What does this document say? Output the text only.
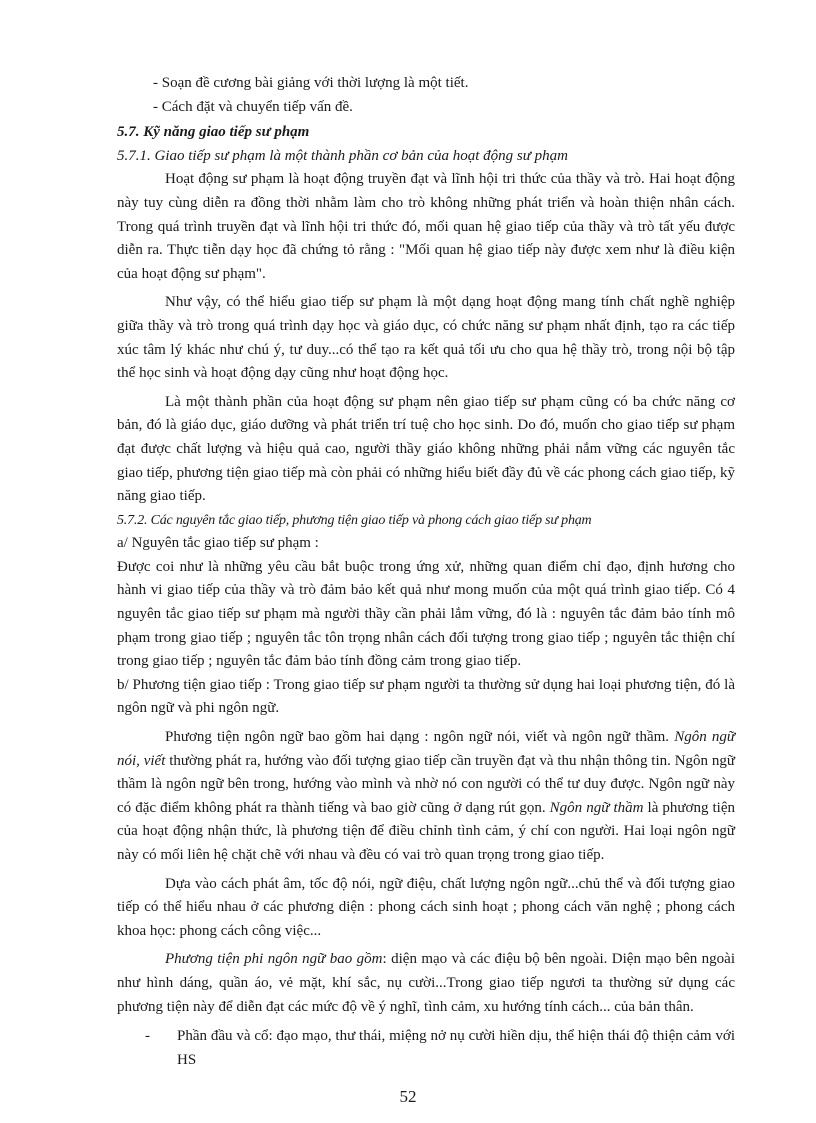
- Soạn đề cương bài giảng với thời lượng là một tiết.

- Cách đặt và chuyển tiếp vấn đề.

5.7. Kỹ năng giao tiếp sư phạm

5.7.1. Giao tiếp sư phạm là một thành phần cơ bản của hoạt động sư phạm

Hoạt động sư phạm là hoạt động truyền đạt và lĩnh hội tri thức của thầy và trò. Hai hoạt động này tuy cùng diễn ra đồng thời nhằm làm cho trò không những phát triển và hoàn thiện nhân cách. Trong quá trình truyền đạt và lĩnh hội tri thức đó, mối quan hệ giao tiếp của thầy và trò tất yếu được diễn ra. Thực tiễn dạy học đã chứng tỏ rằng : "Mối quan hệ giao tiếp này được xem như là điều kiện của hoạt động sư phạm".

Như vậy, có thể hiểu giao tiếp sư phạm là một dạng hoạt động mang tính chất nghề nghiệp giữa thầy và trò trong quá trình dạy học và giáo dục, có chức năng sư phạm nhất định, tạo ra các tiếp xúc tâm lý khác như chú ý, tư duy...có thể tạo ra kết quả tối ưu cho qua hệ thầy trò, trong nội bộ tập thể học sinh và hoạt động dạy cũng như hoạt động học.

Là một thành phần của hoạt động sư phạm nên giao tiếp sư phạm cũng có ba chức năng cơ bản, đó là giáo dục, giáo dưỡng và phát triển trí tuệ cho học sinh. Do đó, muốn cho giao tiếp sư phạm đạt được chất lượng và hiệu quả cao, người thầy giáo không những phải nắm vững các nguyên tắc giao tiếp, phương tiện giao tiếp mà còn phải có những hiểu biết đầy đủ về các phong cách giao tiếp, kỹ năng giao tiếp.

5.7.2. Các nguyên tắc giao tiếp, phương tiện giao tiếp và phong cách giao tiếp sư phạm

a/ Nguyên tắc giao tiếp sư phạm :

Được coi như là những yêu cầu bắt buộc trong ứng xử, những quan điểm chỉ đạo, định hương cho hành vi giao tiếp của thầy và trò đảm bảo kết quả như mong muốn của một quá trình giao tiếp. Có 4 nguyên tắc giao tiếp sư phạm mà người thầy cần phải lắm vững, đó là : nguyên tắc đảm bảo tính mô phạm trong giao tiếp ; nguyên tắc tôn trọng nhân cách đối tượng trong giao tiếp ; nguyên tắc thiện chí trong giao tiếp ; nguyên tắc đảm bảo tính đồng cảm trong giao tiếp.

b/ Phương tiện giao tiếp : Trong giao tiếp sư phạm người ta thường sử dụng hai loại phương tiện, đó là ngôn ngữ và phi ngôn ngữ.

Phương tiện ngôn ngữ bao gồm hai dạng : ngôn ngữ nói, viết và ngôn ngữ thầm. Ngôn ngữ nói, viết thường phát ra, hướng vào đối tượng giao tiếp cần truyền đạt và thu nhận thông tin. Ngôn ngữ thầm là ngôn ngữ bên trong, hướng vào mình và nhờ nó con người có thể tư duy được. Ngôn ngữ này có đặc điểm không phát ra thành tiếng và bao giờ cũng ở dạng rút gọn. Ngôn ngữ thầm là phương tiện của hoạt động nhận thức, là phương tiện để điều chỉnh tình cảm, ý chí con người. Hai loại ngôn ngữ này có mối liên hệ chặt chẽ với nhau và đều có vai trò quan trọng trong giao tiếp.

Dựa vào cách phát âm, tốc độ nói, ngữ điệu, chất lượng ngôn ngữ...chủ thể và đối tượng giao tiếp có thể hiểu nhau ở các phương diện : phong cách sinh hoạt ; phong cách văn nghệ ; phong cách khoa học: phong cách công việc...

Phương tiện phi ngôn ngữ bao gồm: diện mạo và các điệu bộ bên ngoài. Diện mạo bên ngoài như hình dáng, quần áo, vẻ mặt, khí sắc, nụ cười...Trong giao tiếp ngươi ta thường sử dụng các phương tiện này để diễn đạt các mức độ về ý nghĩ, tình cảm, xu hướng tính cách... của bản thân.

- Phần đầu và cổ: đạo mạo, thư thái, miệng nở nụ cười hiền dịu, thể hiện thái độ thiện cảm với HS

52
